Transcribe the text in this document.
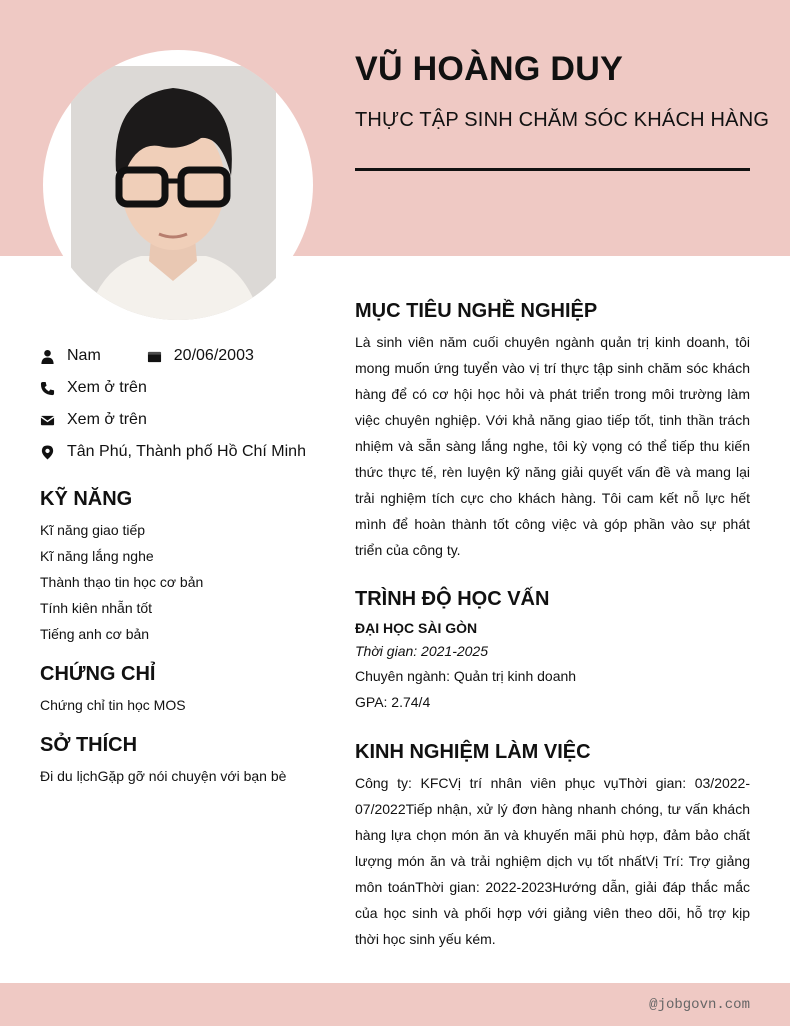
VŨ HOÀNG DUY
THỰC TẬP SINH CHĂM SÓC KHÁCH HÀNG
Nam	20/06/2003
Xem ở trên
Xem ở trên
Tân Phú, Thành phố Hồ Chí Minh
KỸ NĂNG
Kĩ năng giao tiếp
Kĩ năng lắng nghe
Thành thạo tin học cơ bản
Tính kiên nhẫn tốt
Tiếng anh cơ bản
CHỨNG CHỈ
Chứng chỉ tin học MOS
SỞ THÍCH
Đi du lịchGặp gỡ nói chuyện với bạn bè
MỤC TIÊU NGHỀ NGHIỆP
Là sinh viên năm cuối chuyên ngành quản trị kinh doanh, tôi mong muốn ứng tuyển vào vị trí thực tập sinh chăm sóc khách hàng để có cơ hội học hỏi và phát triển trong môi trường làm việc chuyên nghiệp. Với khả năng giao tiếp tốt, tinh thần trách nhiệm và sẵn sàng lắng nghe, tôi kỳ vọng có thể tiếp thu kiến thức thực tế, rèn luyện kỹ năng giải quyết vấn đề và mang lại trải nghiệm tích cực cho khách hàng. Tôi cam kết nỗ lực hết mình để hoàn thành tốt công việc và góp phần vào sự phát triển của công ty.
TRÌNH ĐỘ HỌC VẤN
ĐẠI HỌC SÀI GÒN
Thời gian: 2021-2025
Chuyên ngành: Quản trị kinh doanh
GPA: 2.74/4
KINH NGHIỆM LÀM VIỆC
Công ty: KFCVị trí nhân viên phục vụThời gian: 03/2022-07/2022Tiếp nhận, xử lý đơn hàng nhanh chóng, tư vấn khách hàng lựa chọn món ăn và khuyến mãi phù hợp, đảm bảo chất lượng món ăn và trải nghiệm dịch vụ tốt nhấtVị Trí: Trợ giảng môn toánThời gian: 2022-2023Hướng dẫn, giải đáp thắc mắc của học sinh và phối hợp với giảng viên theo dõi, hỗ trợ kịp thời học sinh yếu kém.
@jobgovn.com
